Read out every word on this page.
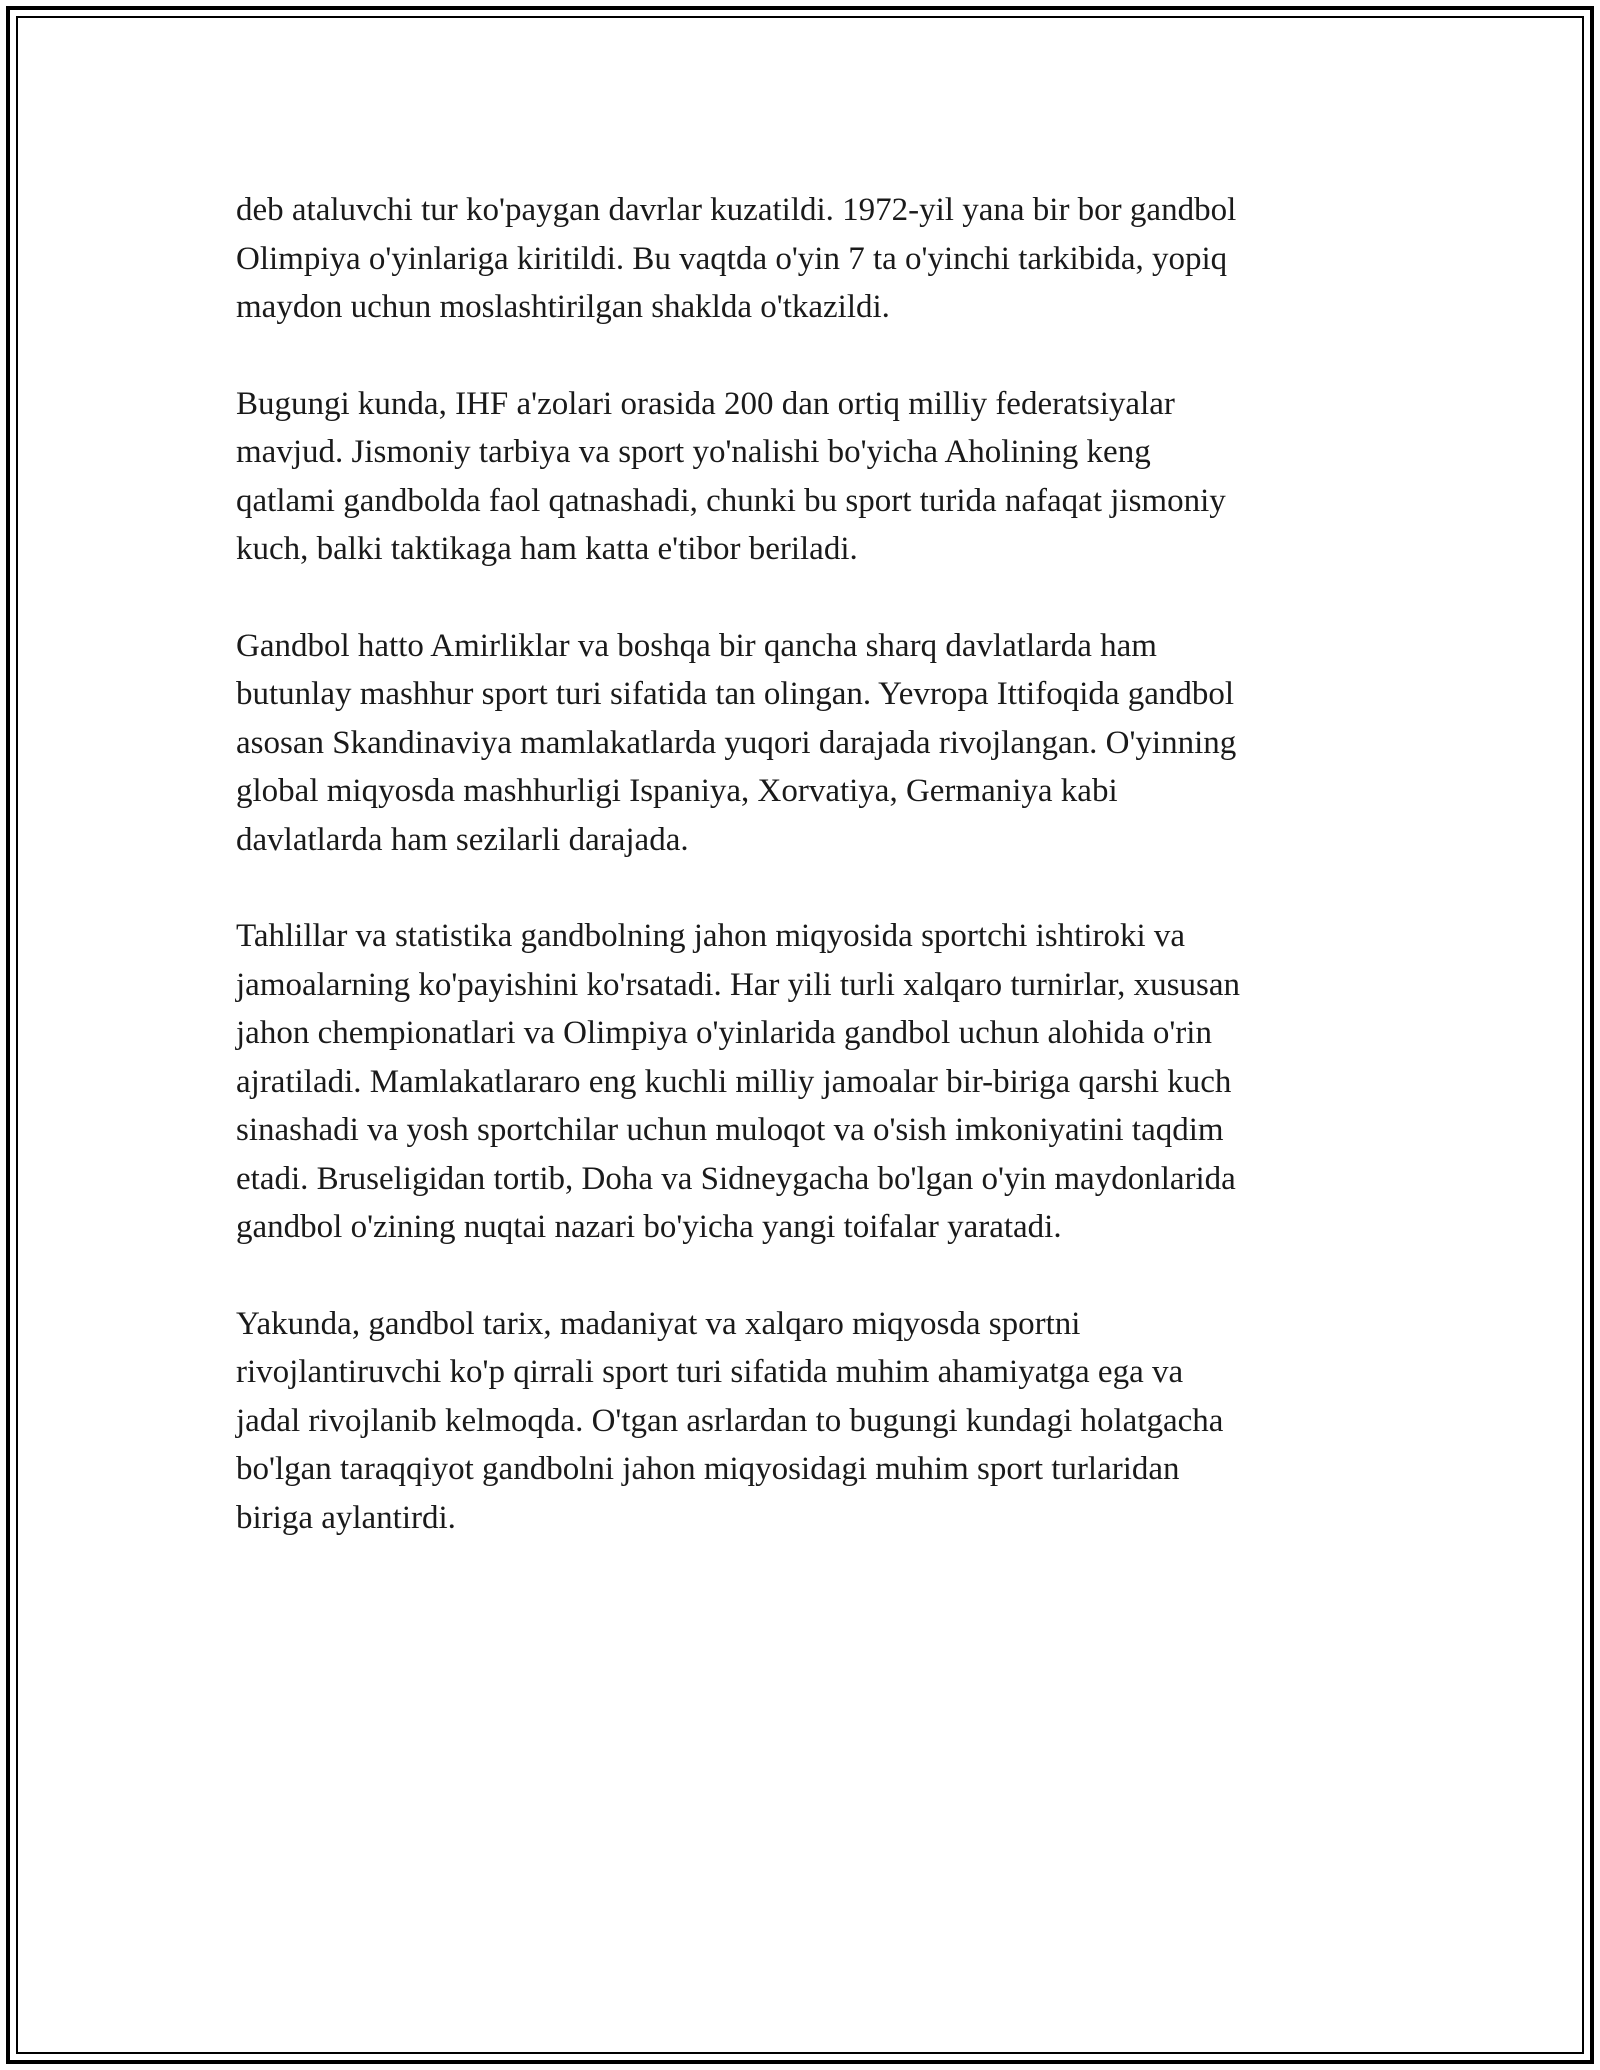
deb ataluvchi tur ko'paygan davrlar kuzatildi. 1972-yil yana bir bor gandbol
Olimpiya o'yinlariga kiritildi. Bu vaqtda o'yin 7 ta o'yinchi tarkibida, yopiq
maydon uchun moslashtirilgan shaklda o'tkazildi.

Bugungi kunda, IHF a'zolari orasida 200 dan ortiq milliy federatsiyalar
mavjud. Jismoniy tarbiya va sport yo'nalishi bo'yicha Aholining keng
qatlami gandbolda faol qatnashadi, chunki bu sport turida nafaqat jismoniy
kuch, balki taktikaga ham katta e'tibor beriladi.

Gandbol hatto Amirliklar va boshqa bir qancha sharq davlatlarda ham
butunlay mashhur sport turi sifatida tan olingan. Yevropa Ittifoqida gandbol
asosan Skandinaviya mamlakatlarda yuqori darajada rivojlangan. O'yinning
global miqyosda mashhurligi Ispaniya, Xorvatiya, Germaniya kabi
davlatlarda ham sezilarli darajada.

Tahlillar va statistika gandbolning jahon miqyosida sportchi ishtiroki va
jamoalarning ko'payishini ko'rsatadi. Har yili turli xalqaro turnirlar, xususan
jahon chempionatlari va Olimpiya o'yinlarida gandbol uchun alohida o'rin
ajratiladi. Mamlakatlararo eng kuchli milliy jamoalar bir-biriga qarshi kuch
sinashadi va yosh sportchilar uchun muloqot va o'sish imkoniyatini taqdim
etadi. Bruseligidan tortib, Doha va Sidneygacha bo'lgan o'yin maydonlarida
gandbol o'zining nuqtai nazari bo'yicha yangi toifalar yaratadi.

Yakunda, gandbol tarix, madaniyat va xalqaro miqyosda sportni
rivojlantiruvchi ko'p qirrali sport turi sifatida muhim ahamiyatga ega va
jadal rivojlanib kelmoqda. O'tgan asrlardan to bugungi kundagi holatgacha
bo'lgan taraqqiyot gandbolni jahon miqyosidagi muhim sport turlaridan
biriga aylantirdi.
